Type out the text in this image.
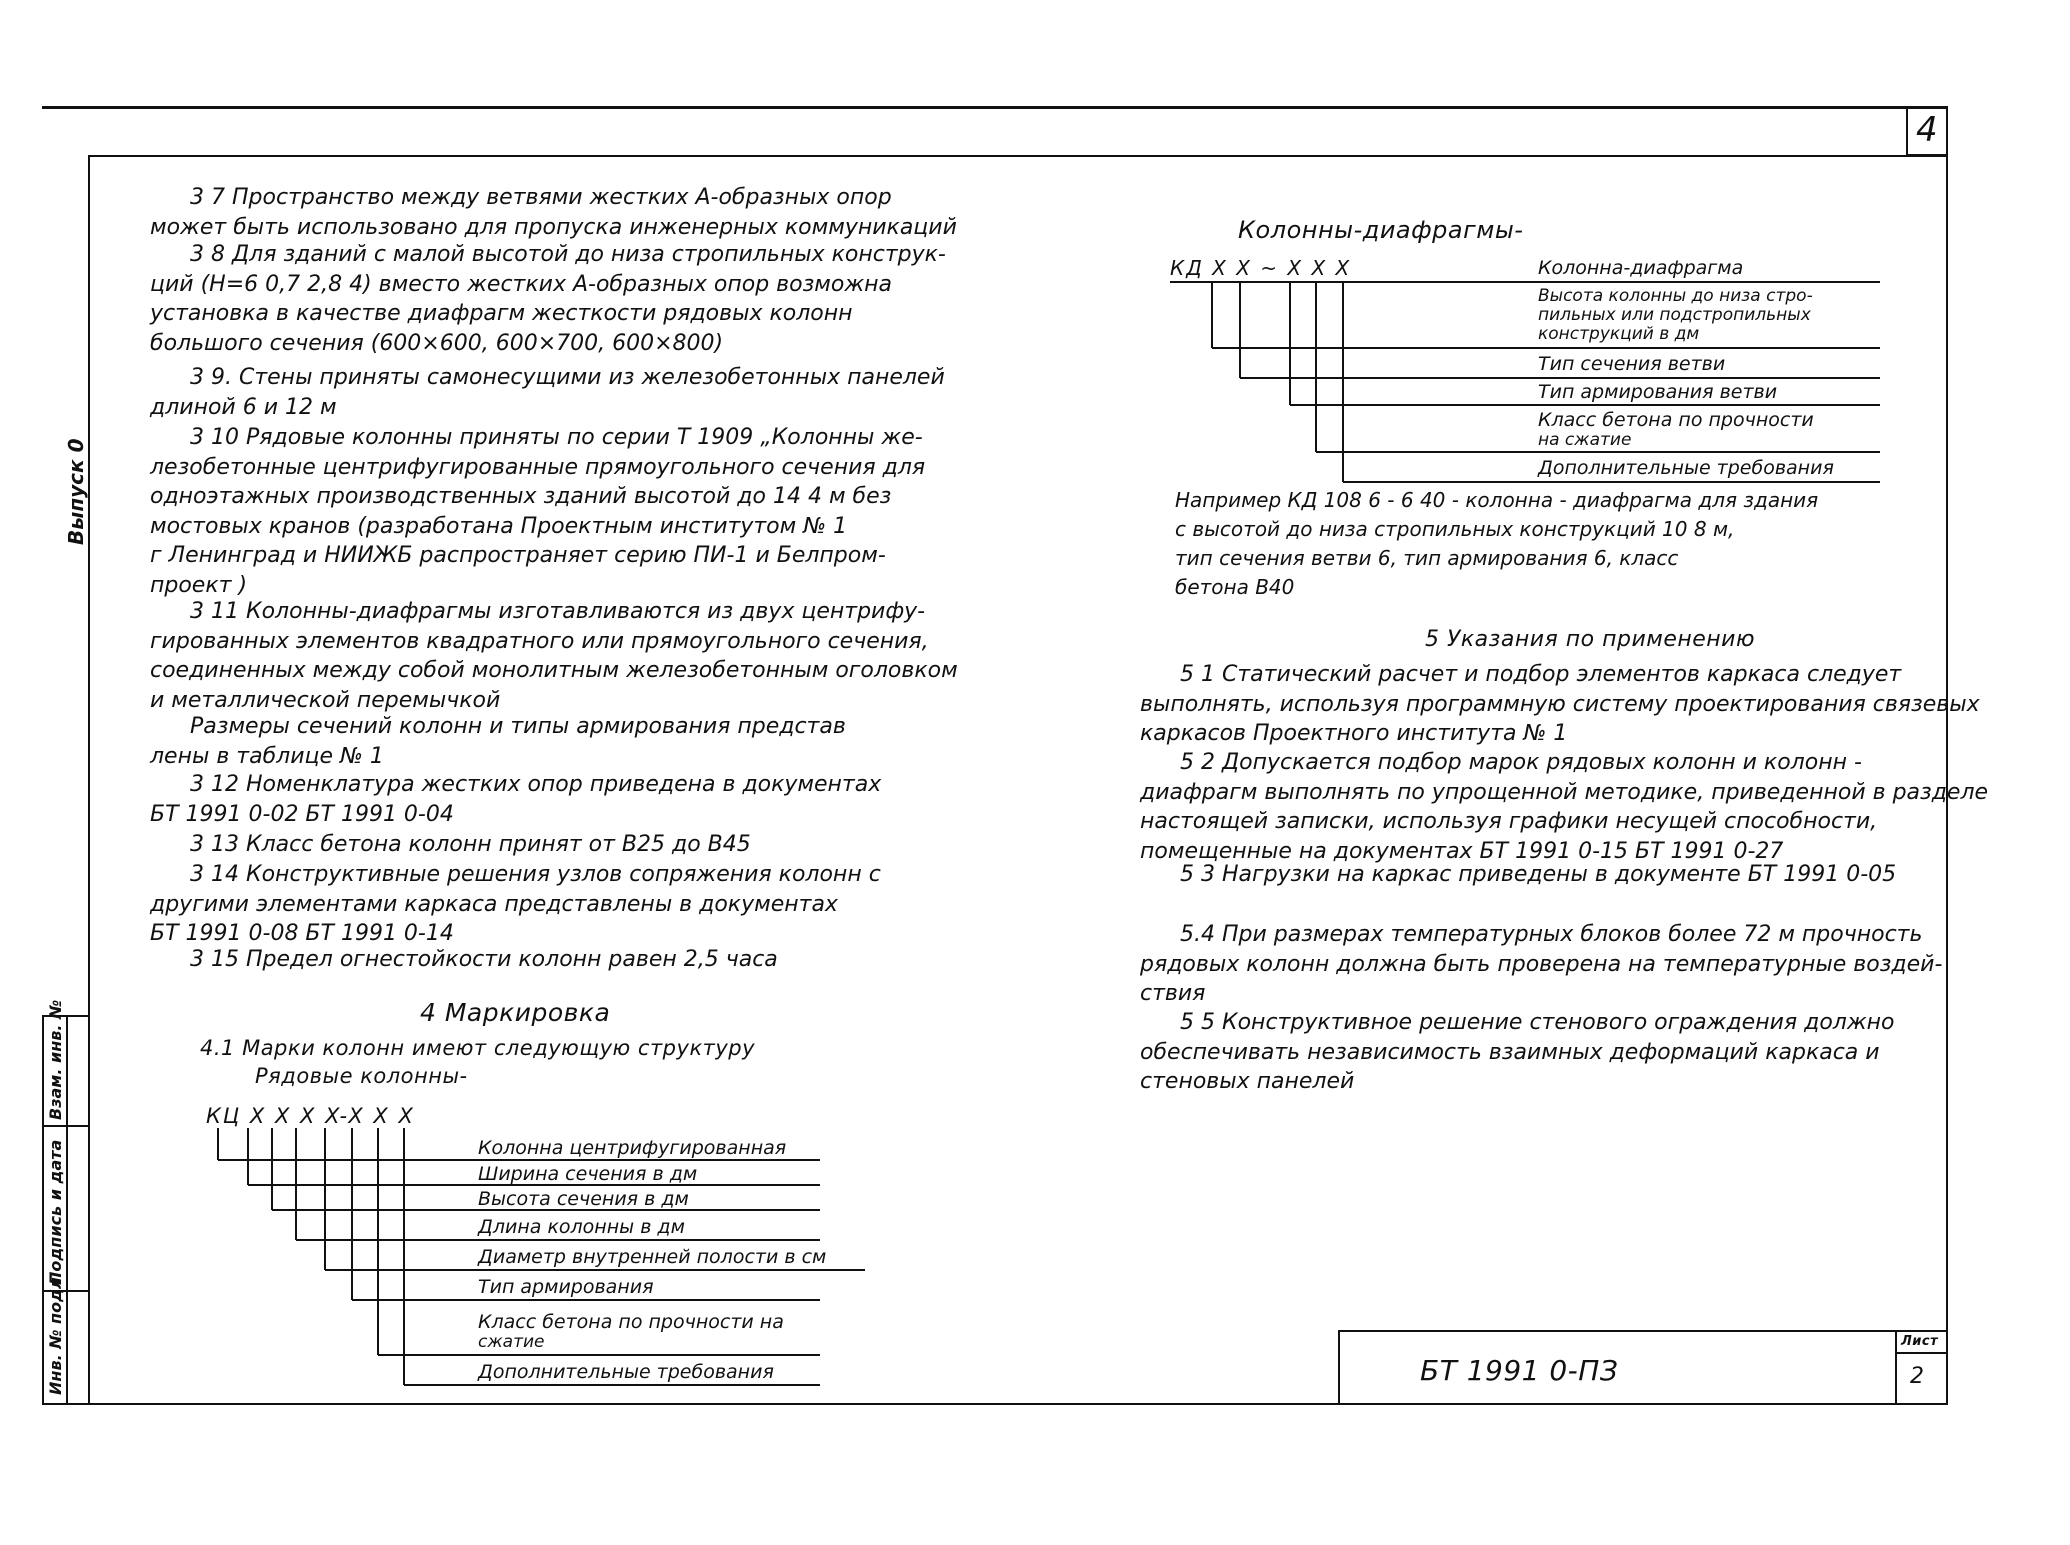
4
Выпуск 0
Инв. № подл
Подпись и дата
Взам. инв. №
3 7 Пространство между ветвями жестких А-образных опор
может быть использовано для пропуска инженерных коммуникаций
3 8 Для зданий с малой высотой до низа стропильных конструк-
ций (Н=6 0,7 2,8 4) вместо жестких А-образных опор возможна
установка в качестве диафрагм жесткости рядовых колонн
большого сечения (600×600, 600×700, 600×800)
3 9. Стены приняты самонесущими из железобетонных панелей
длиной 6 и 12 м
3 10 Рядовые колонны приняты по серии Т 1909 „Колонны же-
лезобетонные центрифугированные прямоугольного сечения для
одноэтажных производственных зданий высотой до 14 4 м без
мостовых кранов (разработана Проектным институтом № 1
г Ленинград и НИИЖБ распространяет серию ПИ-1 и Белпром-
проект )
3 11 Колонны-диафрагмы изготавливаются из двух центрифу-
гированных элементов квадратного или прямоугольного сечения,
соединенных между собой монолитным железобетонным оголовком
и металлической перемычкой
Размеры сечений колонн и типы армирования представ
лены в таблице № 1
3 12 Номенклатура жестких опор приведена в документах
БТ 1991 0-02 БТ 1991 0-04
3 13 Класс бетона колонн принят от В25 до В45
3 14 Конструктивные решения узлов сопряжения колонн с
другими элементами каркаса представлены в документах
БТ 1991 0-08 БТ 1991 0-14
3 15 Предел огнестойкости колонн равен 2,5 часа
4 Маркировка
4.1 Марки колонн имеют следующую структуру
Рядовые колонны-
КЦ X X X X-X X X
Колонна центрифугированная
Ширина сечения в дм
Высота сечения в дм
Длина колонны в дм
Диаметр внутренней полости в см
Тип армирования
Класс бетона по прочности на
сжатие
Дополнительные требования
Колонны-диафрагмы-
КД X X ~ X X X	Колонна-диафрагма
Высота колонны до низа стро-
пильных или подстропильных
конструкций в дм
Тип сечения ветви
Тип армирования ветви
Класс бетона по прочности
на сжатие
Дополнительные требования
Например КД 108 6 - 6 40 - колонна - диафрагма для здания
с высотой до низа стропильных конструкций 10 8 м,
тип сечения ветви 6, тип армирования 6, класс
бетона В40
5 Указания по применению
5 1 Статический расчет и подбор элементов каркаса следует
выполнять, используя программную систему проектирования связевых
каркасов Проектного института № 1
5 2 Допускается подбор марок рядовых колонн и колонн -
диафрагм выполнять по упрощенной методике, приведенной в разделе
настоящей записки, используя графики несущей способности,
помещенные на документах БТ 1991 0-15 БТ 1991 0-27
5 3 Нагрузки на каркас приведены в документе БТ 1991 0-05
5.4 При размерах температурных блоков более 72 м прочность
рядовых колонн должна быть проверена на температурные воздей-
ствия
5 5 Конструктивное решение стенового ограждения должно
обеспечивать независимость взаимных деформаций каркаса и
стеновых панелей
БТ 1991 0-ПЗ
Лист
2
